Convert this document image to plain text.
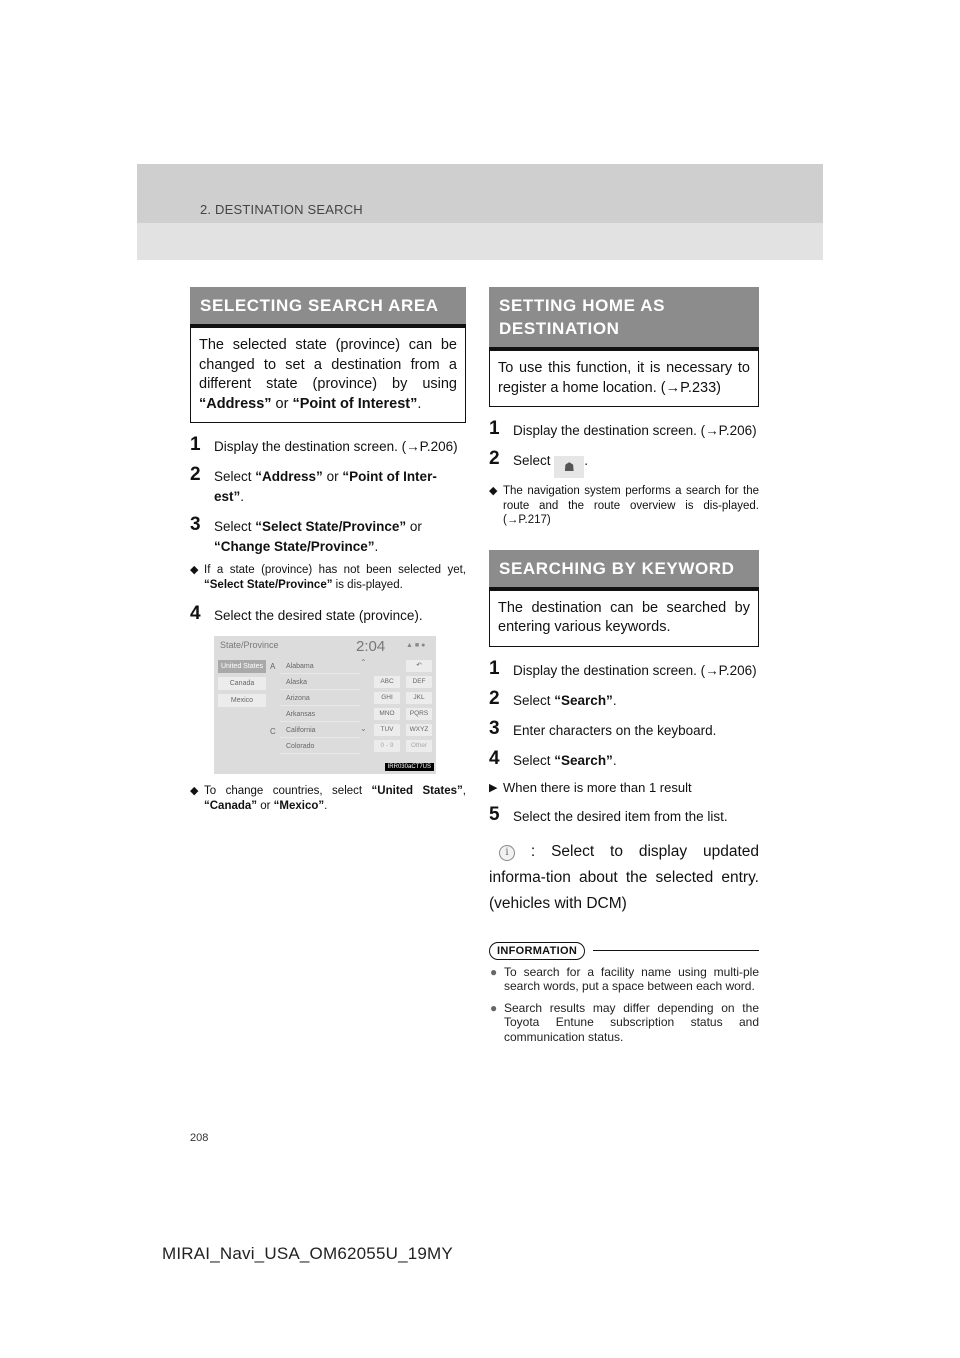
2. DESTINATION SEARCH
SELECTING SEARCH AREA
The selected state (province) can be changed to set a destination from a different state (province) by using “Address” or “Point of Interest”.
1 Display the destination screen. (→P.206)
2 Select “Address” or “Point of Inter-est”.
3 Select “Select State/Province” or “Change State/Province”.
◆ If a state (province) has not been selected yet, “Select State/Province” is dis-played.
4 Select the desired state (province).
State/Province	2:04	▲■●
United States
Canada
Mexico
A
C
Alabama
Alaska
Arizona
Arkansas
California
Colorado
⌃
⌄
↶
ABC	DEF
GHI	JKL
MNO	PQRS
TUV	WXYZ
0 - 9	Other
IRR030aCT7US
◆ To change countries, select “United States”, “Canada” or “Mexico”.
SETTING HOME AS DESTINATION
To use this function, it is necessary to register a home location. (→P.233)
1 Display the destination screen. (→P.206)
2 Select ☗ .
◆ The navigation system performs a search for the route and the route overview is dis-played. (→P.217)
SEARCHING BY KEYWORD
The destination can be searched by entering various keywords.
1 Display the destination screen. (→P.206)
2 Select “Search”.
3 Enter characters on the keyboard.
4 Select “Search”.
▶ When there is more than 1 result
5 Select the desired item from the list.
i : Select to display updated informa-tion about the selected entry. (vehicles with DCM)
INFORMATION
● To search for a facility name using multi-ple search words, put a space between each word.
● Search results may differ depending on the Toyota Entune subscription status and communication status.
208
MIRAI_Navi_USA_OM62055U_19MY
